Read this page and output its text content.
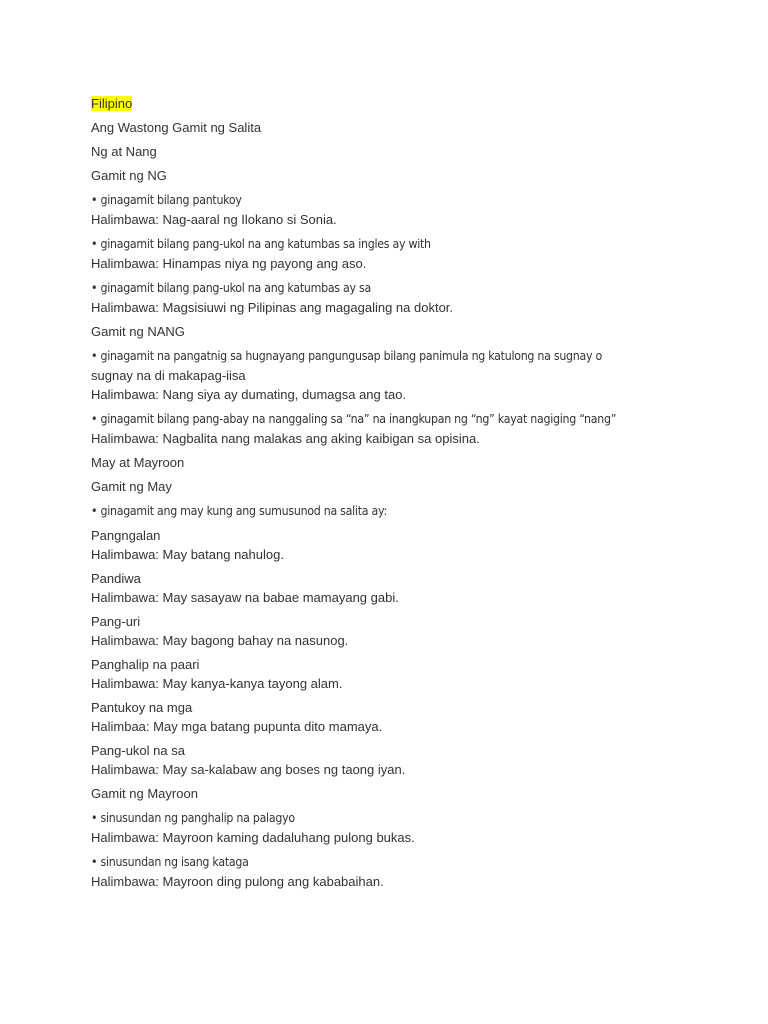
Filipino
Ang Wastong Gamit ng Salita
Ng at Nang
Gamit ng NG
• ginagamit bilang pantukoy
Halimbawa: Nag-aaral ng Ilokano si Sonia.
• ginagamit bilang pang-ukol na ang katumbas sa ingles ay with
Halimbawa: Hinampas niya ng payong ang aso.
• ginagamit bilang pang-ukol na ang katumbas ay sa
Halimbawa: Magsisiuwi ng Pilipinas ang magagaling na doktor.
Gamit ng NANG
• ginagamit na pangatnig sa hugnayang pangungusap bilang panimula ng katulong na sugnay o
sugnay na di makapag-iisa
Halimbawa: Nang siya ay dumating, dumagsa ang tao.
• ginagamit bilang pang-abay na nanggaling sa “na” na inangkupan ng “ng” kayat nagiging “nang”
Halimbawa: Nagbalita nang malakas ang aking kaibigan sa opisina.
May at Mayroon
Gamit ng May
• ginagamit ang may kung ang sumusunod na salita ay:
Pangngalan
Halimbawa: May batang nahulog.
Pandiwa
Halimbawa: May sasayaw na babae mamayang gabi.
Pang-uri
Halimbawa: May bagong bahay na nasunog.
Panghalip na paari
Halimbawa: May kanya-kanya tayong alam.
Pantukoy na mga
Halimbaa: May mga batang pupunta dito mamaya.
Pang-ukol na sa
Halimbawa: May sa-kalabaw ang boses ng taong iyan.
Gamit ng Mayroon
• sinusundan ng panghalip na palagyo
Halimbawa: Mayroon kaming dadaluhang pulong bukas.
• sinusundan ng isang kataga
Halimbawa: Mayroon ding pulong ang kababaihan.
